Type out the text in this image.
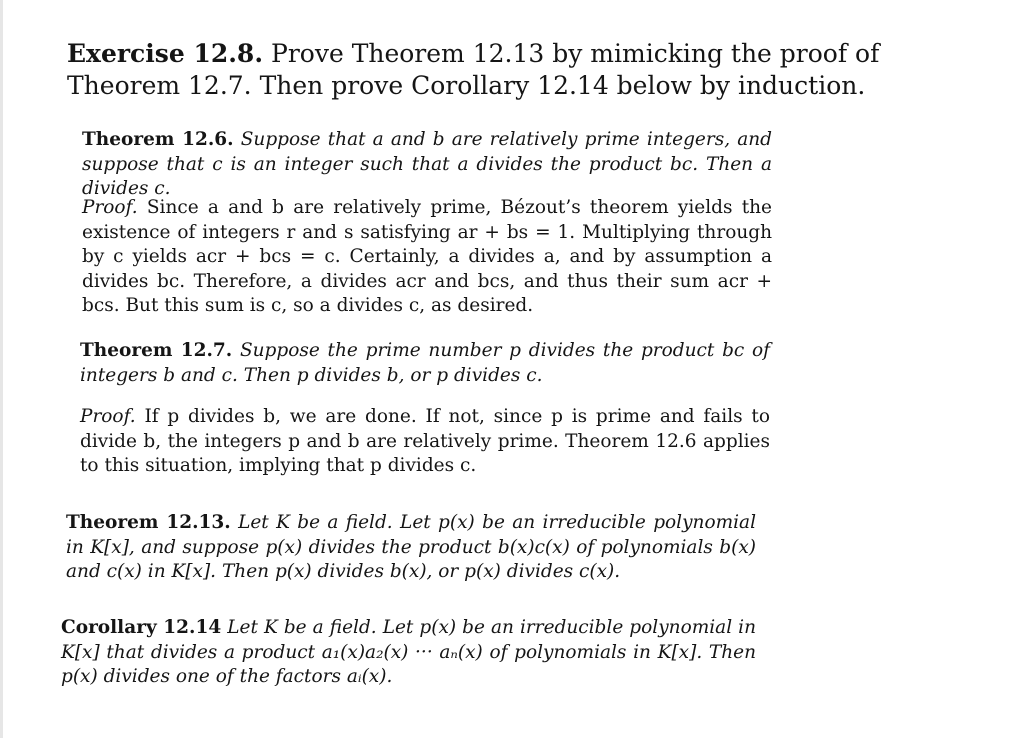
Exercise 12.8. Prove Theorem 12.13 by mimicking the proof of Theorem 12.7. Then prove Corollary 12.14 below by induction.
Theorem 12.6. Suppose that a and b are relatively prime integers, and suppose that c is an integer such that a divides the product bc. Then a divides c.
Proof. Since a and b are relatively prime, Bézout’s theorem yields the existence of integers r and s satisfying ar + bs = 1. Multiplying through by c yields acr + bcs = c. Certainly, a divides a, and by assumption a divides bc. Therefore, a divides acr and bcs, and thus their sum acr + bcs. But this sum is c, so a divides c, as desired.
Theorem 12.7. Suppose the prime number p divides the product bc of integers b and c. Then p divides b, or p divides c.
Proof. If p divides b, we are done. If not, since p is prime and fails to divide b, the integers p and b are relatively prime. Theorem 12.6 applies to this situation, implying that p divides c.
Theorem 12.13. Let K be a field. Let p(x) be an irreducible polynomial in K[x], and suppose p(x) divides the product b(x)c(x) of polynomials b(x) and c(x) in K[x]. Then p(x) divides b(x), or p(x) divides c(x).
Corollary 12.14 Let K be a field. Let p(x) be an irreducible polynomial in K[x] that divides a product a₁(x)a₂(x) ··· aₙ(x) of polynomials in K[x]. Then p(x) divides one of the factors aᵢ(x).
